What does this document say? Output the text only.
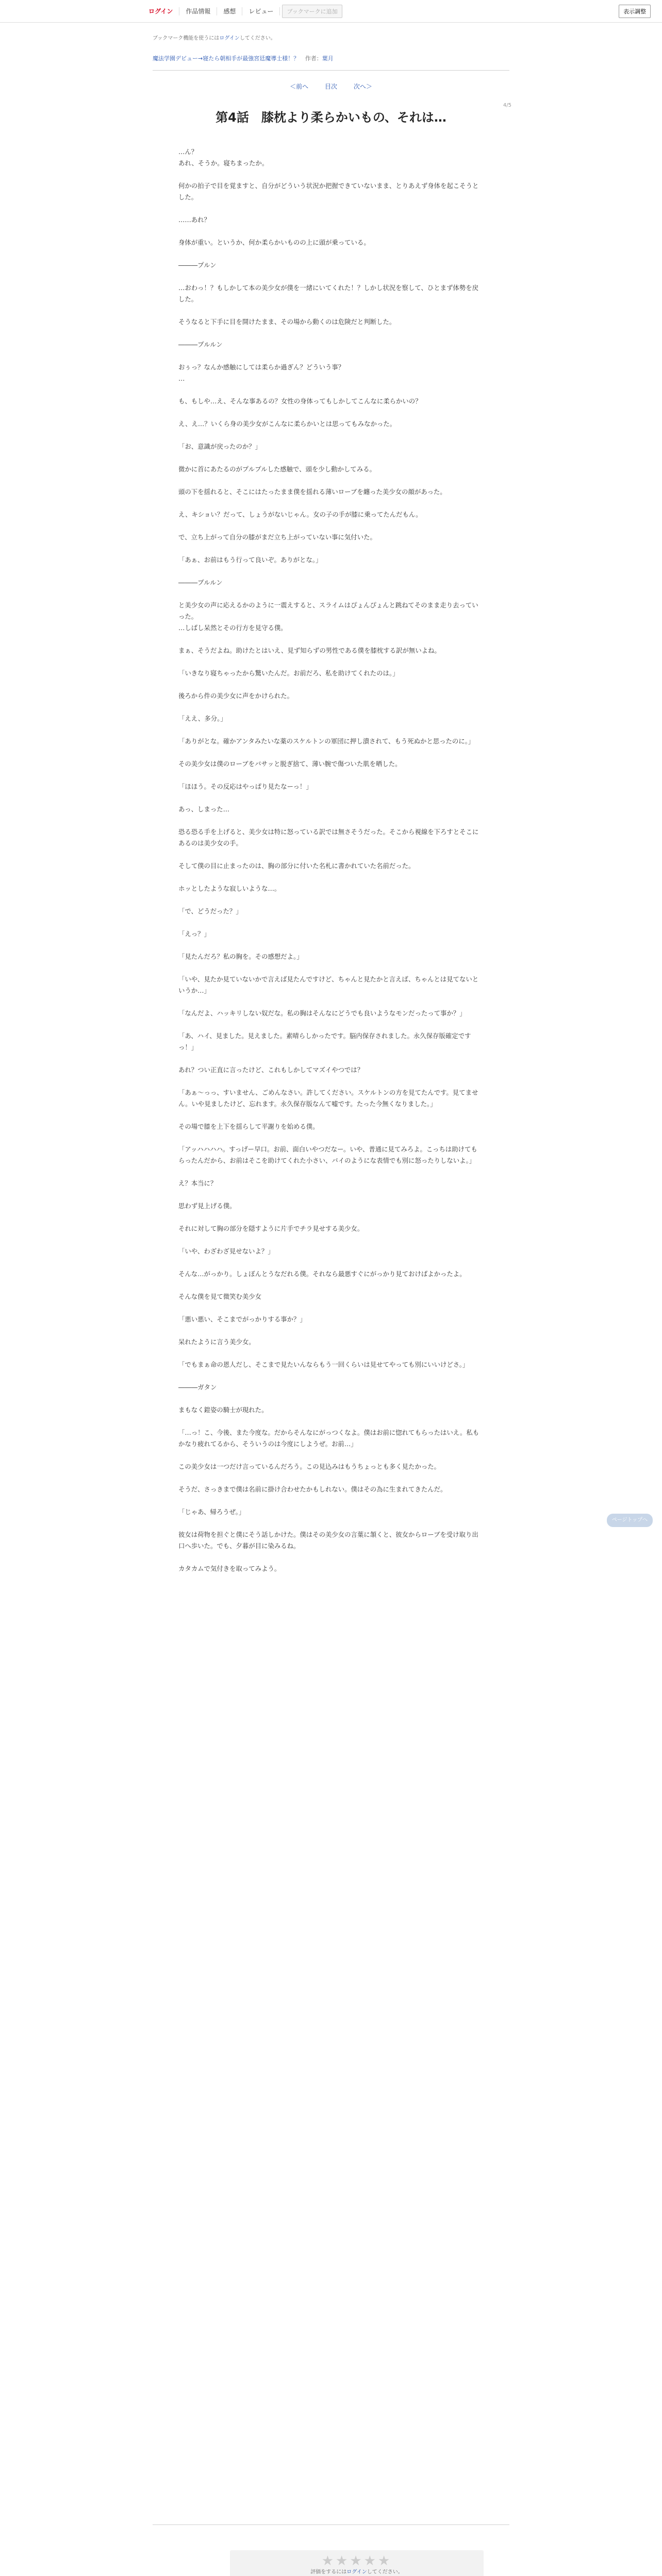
ログイン	作品情報	感想	レビュー	ブックマークに追加	表示調整
ブックマーク機能を使うにはログインしてください。
魔法学園デビュー→寝たら朝相手が最強宮廷魔導士様！？ 作者：葉月
＜前へ	目次	次へ＞
4/5
第4話　膝枕より柔らかいもの、それは…

…ん？

あれ、そうか。寝ちまったか。

何かの拍子で目を覚ますと、自分がどういう状況か把握できていないまま、とりあえず身体を起こそうとした。

……あれ？

身体が重い。というか、何か柔らかいものの上に頭が乗っている。

―――プルン

…おわっ！？もしかして本の美少女が僕を一緒にいてくれた！？しかし状況を察して、ひとまず体勢を戻した。

そうなると下手に目を開けたまま、その場から動くのは危険だと判断した。

―――プルルン

おぅっ？なんか感触にしては柔らか過ぎん？どういう事？

…

も、もしや…え、そんな事あるの？女性の身体ってもしかしてこんなに柔らかいの？

え、え…？いくら身の美少女がこんなに柔らかいとは思ってもみなかった。

「お、意識が戻ったのか？」

微かに首にあたるのがプルプルした感触で、頭を少し動かしてみる。

頭の下を揺れると、そこにはたったまま僕を揺れる薄いローブを纏った美少女の顔があった。

え、キショい？だって、しょうがないじゃん。女の子の手が膝に乗ってたんだもん。

で、立ち上がって自分の膝がまだ立ち上がっていない事に気付いた。

「あぁ、お前はもう行って良いぞ。ありがとな。」

―――プルルン

と美少女の声に応えるかのように一震えすると、スライムはぴょんぴょんと跳ねてそのまま走り去っていった。

…しばし呆然とその行方を見守る僕。

まぁ、そうだよね。助けたとはいえ、見ず知らずの男性である僕を膝枕する訳が無いよね。

「いきなり寝ちゃったから驚いたんだ。お前だろ、私を助けてくれたのは。」

後ろから件の美少女に声をかけられた。

「ええ、多分。」

「ありがとな。確かアンタみたいな薬のスケルトンの軍団に押し潰されて、もう死ぬかと思ったのに。」

その美少女は僕のローブをバサッと脱ぎ捨て、薄い腕で傷ついた肌を晒した。

「ほほう。その反応はやっぱり見たなーっ！」

あっ、しまった…

恐る恐る手を上げると、美少女は特に怒っている訳では無さそうだった。そこから視線を下ろすとそこにあるのは美少女の手。

そして僕の目に止まったのは、胸の部分に付いた名札に書かれていた名前だった。

ホッとしたような寂しいような…。

「で、どうだった？」

「えっ？」

「見たんだろ？私の胸を。その感想だよ。」

「いや、見たか見ていないかで言えば見たんですけど、ちゃんと見たかと言えば、ちゃんとは見てないというか…」

「なんだよ、ハッキリしない奴だな。私の胸はそんなにどうでも良いようなモンだったって事か？」

「あ、ハイ、見ました。見えました。素晴らしかったです。脳内保存されました。永久保存版確定ですっ！」

あれ？つい正直に言ったけど、これもしかしてマズイやつでは？

「あぁ〜っっ、すいません、ごめんなさい。許してください。スケルトンの方を見てたんです。見てません。いや見ましたけど、忘れます。永久保存版なんて嘘です。たった今無くなりました。」

その場で膝を上下を揺らして平謝りを始める僕。

「アッハハハハ。すっげー早口。お前、面白いやつだなー。いや、普通に見てみろよ。こっちは助けてもらったんだから、お前はそこを助けてくれた小さい、バイのようにな表情でも別に怒ったりしないよ。」

え？本当に？

思わず見上げる僕。

それに対して胸の部分を隠すように片手でチラ見せする美少女。

「いや、わざわざ見せないよ？」

そんな…がっかり。しょぼんとうなだれる僕。それなら最悪すぐにがっかり見ておけばよかったよ。

そんな僕を見て微笑む美少女

「悪い悪い、そこまでがっかりする事か？」

呆れたように言う美少女。

「でもまぁ命の恩人だし、そこまで見たいんならもう一回くらいは見せてやっても別にいいけどさ。」

―――ガタン

まもなく鎧姿の騎士が現れた。

「…っ！こ、今後、また今度な。だからそんなにがっつくなよ。僕はお前に惚れてもらったはいえ。私もかなり疲れてるから、そういうのは今度にしようぜ。お前…」

この美少女は一つだけ言っているんだろう。この見込みはもうちょっとも多く見たかった。

そうだ、さっきまで僕は名前に掛け合わせたかもしれない。僕はその為に生まれてきたんだ。

「じゃあ、帰ろうぜ。」

彼女は荷物を担ぐと僕にそう話しかけた。僕はその美少女の言葉に頷くと、彼女からローブを受け取り出口へ歩いた。でも、夕暮が目に染みるね。

カタカムで気付きを取ってみよう。

★★★★★
評価をするにはログインしてください。
ページトップへ
